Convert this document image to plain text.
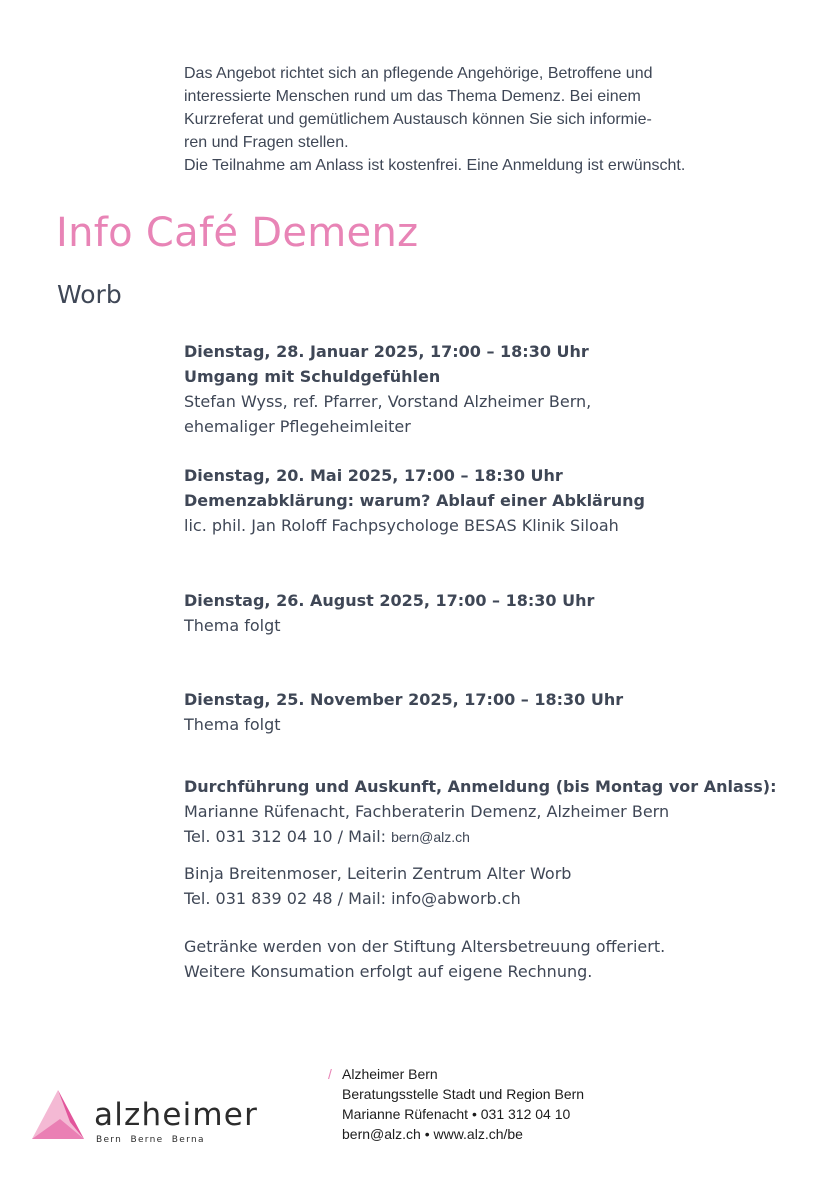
Das Angebot richtet sich an pflegende Angehörige, Betroffene und

interessierte Menschen rund um das Thema Demenz. Bei einem

Kurzreferat und gemütlichem Austausch können Sie sich informie-

ren und Fragen stellen.

Die Teilnahme am Anlass ist kostenfrei. Eine Anmeldung ist erwünscht.

Info Café Demenz
Worb
Dienstag, 28. Januar 2025, 17:00 – 18:30 Uhr
Umgang mit Schuldgefühlen
Stefan Wyss, ref. Pfarrer, Vorstand Alzheimer Bern,
ehemaliger Pflegeheimleiter
Dienstag, 20. Mai 2025, 17:00 – 18:30 Uhr
Demenzabklärung: warum? Ablauf einer Abklärung
lic. phil. Jan Roloff Fachpsychologe BESAS Klinik Siloah
Dienstag, 26. August 2025, 17:00 – 18:30 Uhr
Thema folgt
Dienstag, 25. November 2025, 17:00 – 18:30 Uhr
Thema folgt
Durchführung und Auskunft, Anmeldung (bis Montag vor Anlass):
Marianne Rüfenacht, Fachberaterin Demenz, Alzheimer Bern
Tel. 031 312 04 10 / Mail: bern@alz.ch
Binja Breitenmoser, Leiterin Zentrum Alter Worb
Tel. 031 839 02 48 / Mail: info@abworb.ch
Getränke werden von der Stiftung Altersbetreuung offeriert.
Weitere Konsumation erfolgt auf eigene Rechnung.
alzheimer
Bern  Berne  Berna
/ Alzheimer Bern
Beratungsstelle Stadt und Region Bern
Marianne Rüfenacht • 031 312 04 10
bern@alz.ch • www.alz.ch/be
